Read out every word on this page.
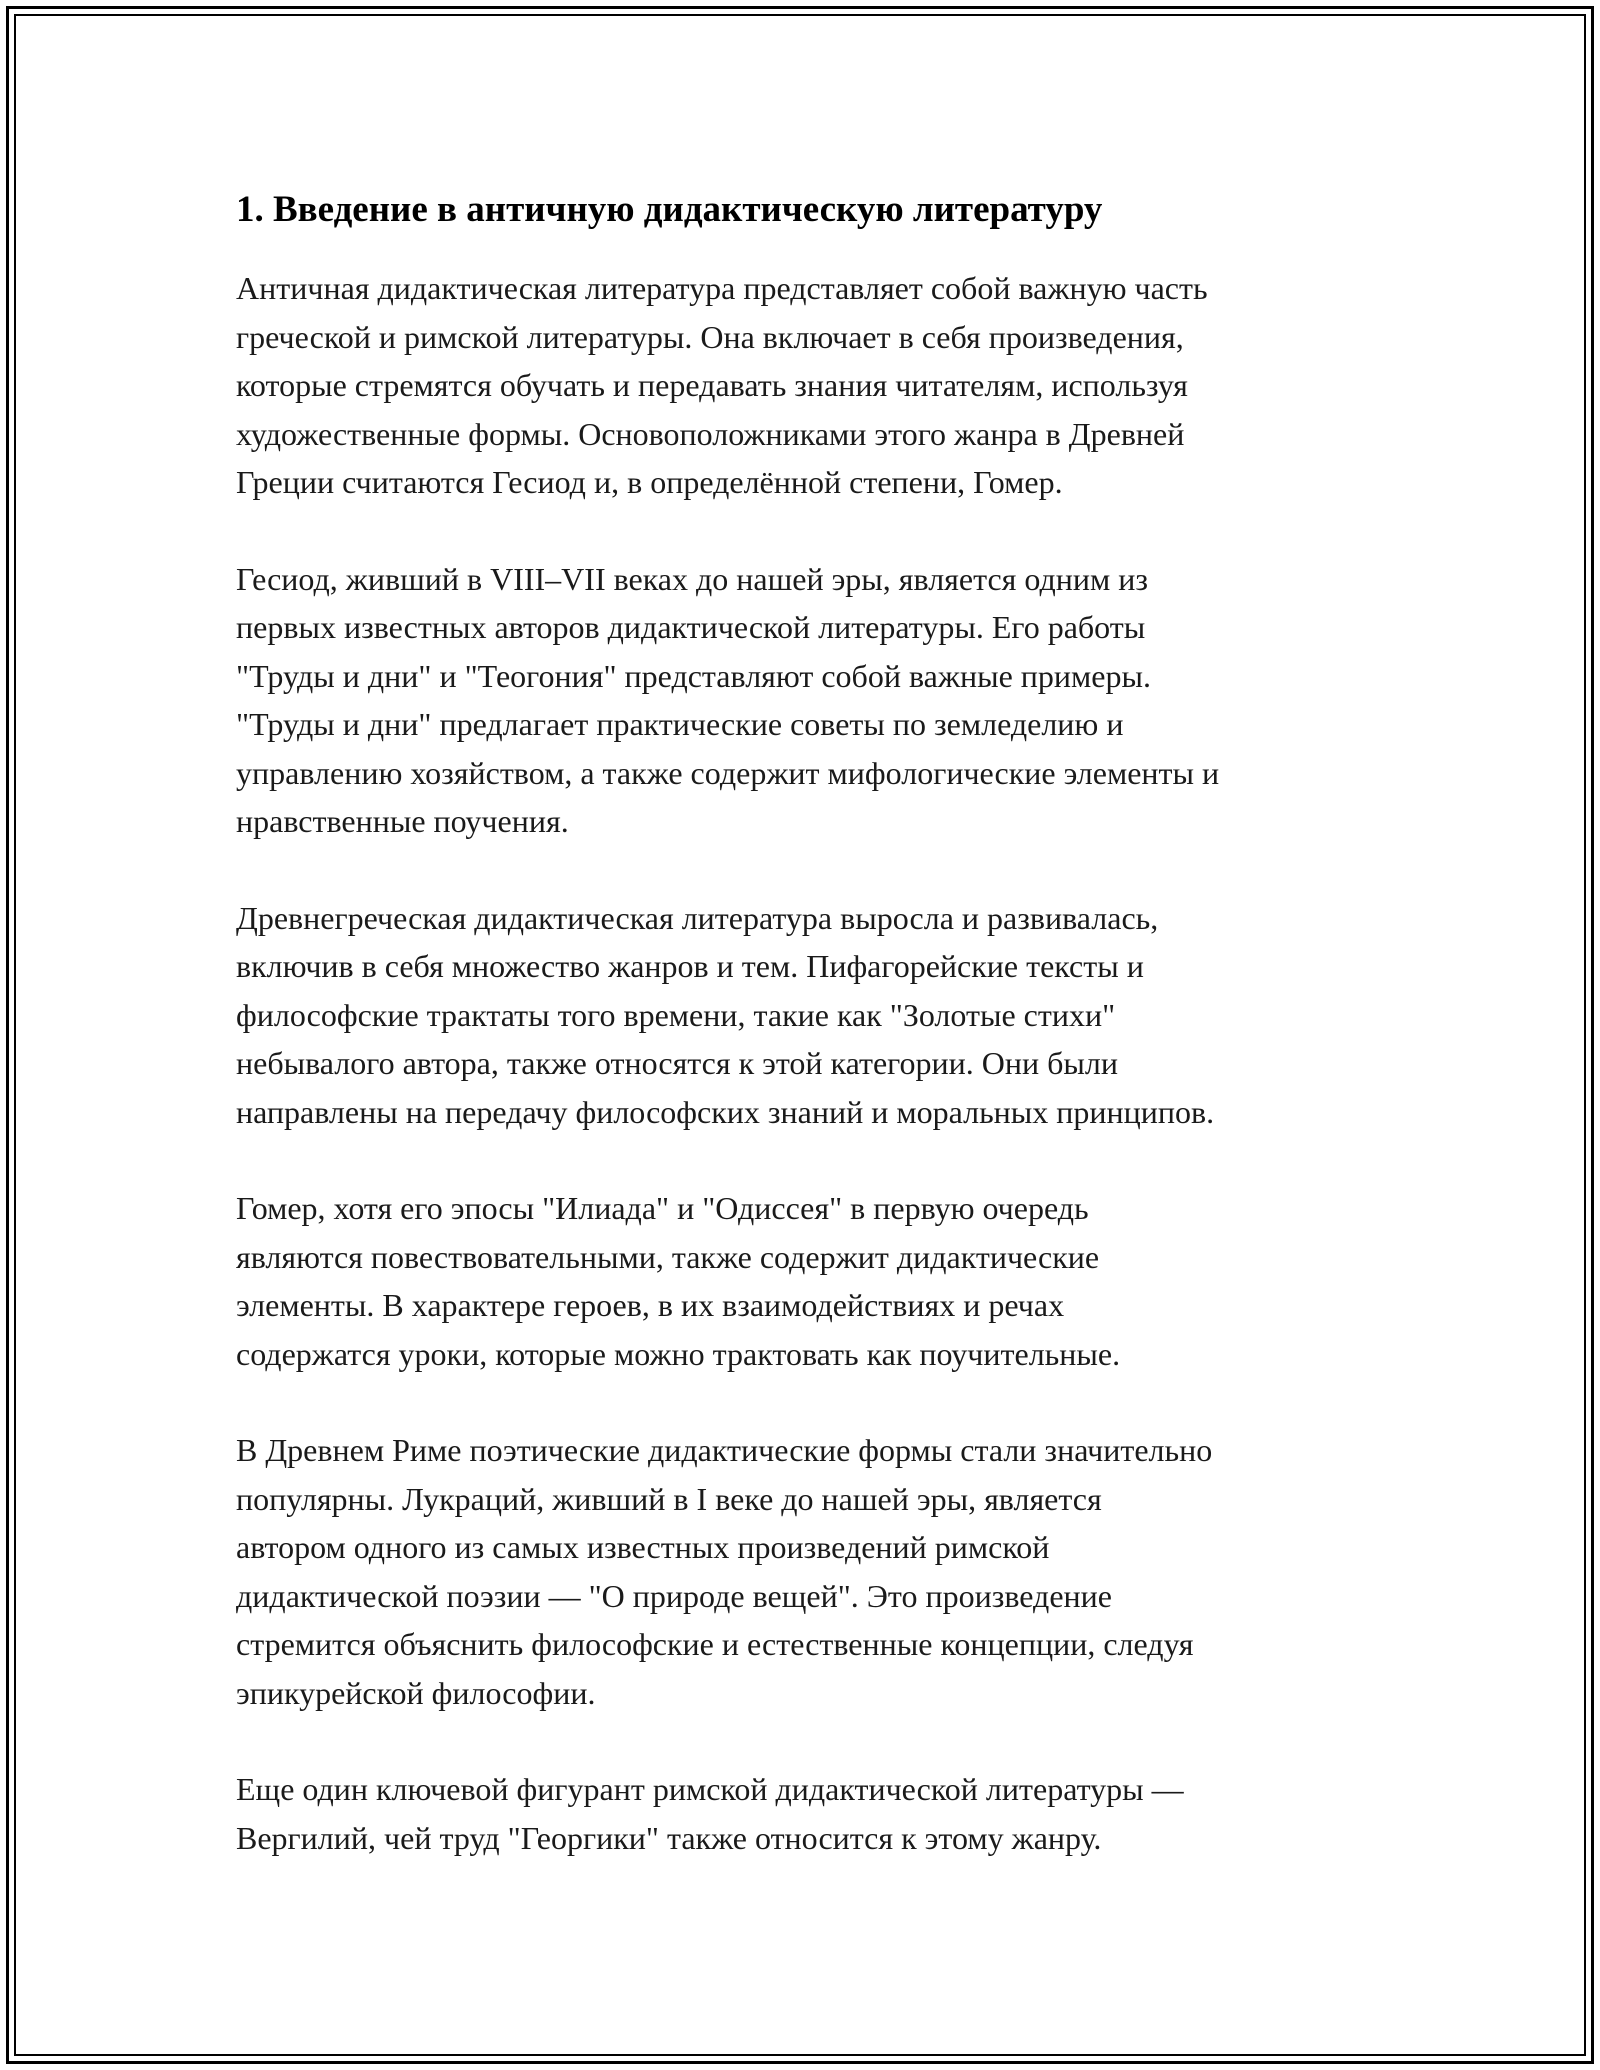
1. Введение в античную дидактическую литературу

Античная дидактическая литература представляет собой важную часть
греческой и римской литературы. Она включает в себя произведения,
которые стремятся обучать и передавать знания читателям, используя
художественные формы. Основоположниками этого жанра в Древней
Греции считаются Гесиод и, в определённой степени, Гомер.

Гесиод, живший в VIII–VII веках до нашей эры, является одним из
первых известных авторов дидактической литературы. Его работы
"Труды и дни" и "Теогония" представляют собой важные примеры.
"Труды и дни" предлагает практические советы по земледелию и
управлению хозяйством, а также содержит мифологические элементы и
нравственные поучения.

Древнегреческая дидактическая литература выросла и развивалась,
включив в себя множество жанров и тем. Пифагорейские тексты и
философские трактаты того времени, такие как "Золотые стихи"
небывалого автора, также относятся к этой категории. Они были
направлены на передачу философских знаний и моральных принципов.

Гомер, хотя его эпосы "Илиада" и "Одиссея" в первую очередь
являются повествовательными, также содержит дидактические
элементы. В характере героев, в их взаимодействиях и речах
содержатся уроки, которые можно трактовать как поучительные.

В Древнем Риме поэтические дидактические формы стали значительно
популярны. Лукраций, живший в I веке до нашей эры, является
автором одного из самых известных произведений римской
дидактической поэзии — "О природе вещей". Это произведение
стремится объяснить философские и естественные концепции, следуя
эпикурейской философии.

Еще один ключевой фигурант римской дидактической литературы —
Вергилий, чей труд "Георгики" также относится к этому жанру.
